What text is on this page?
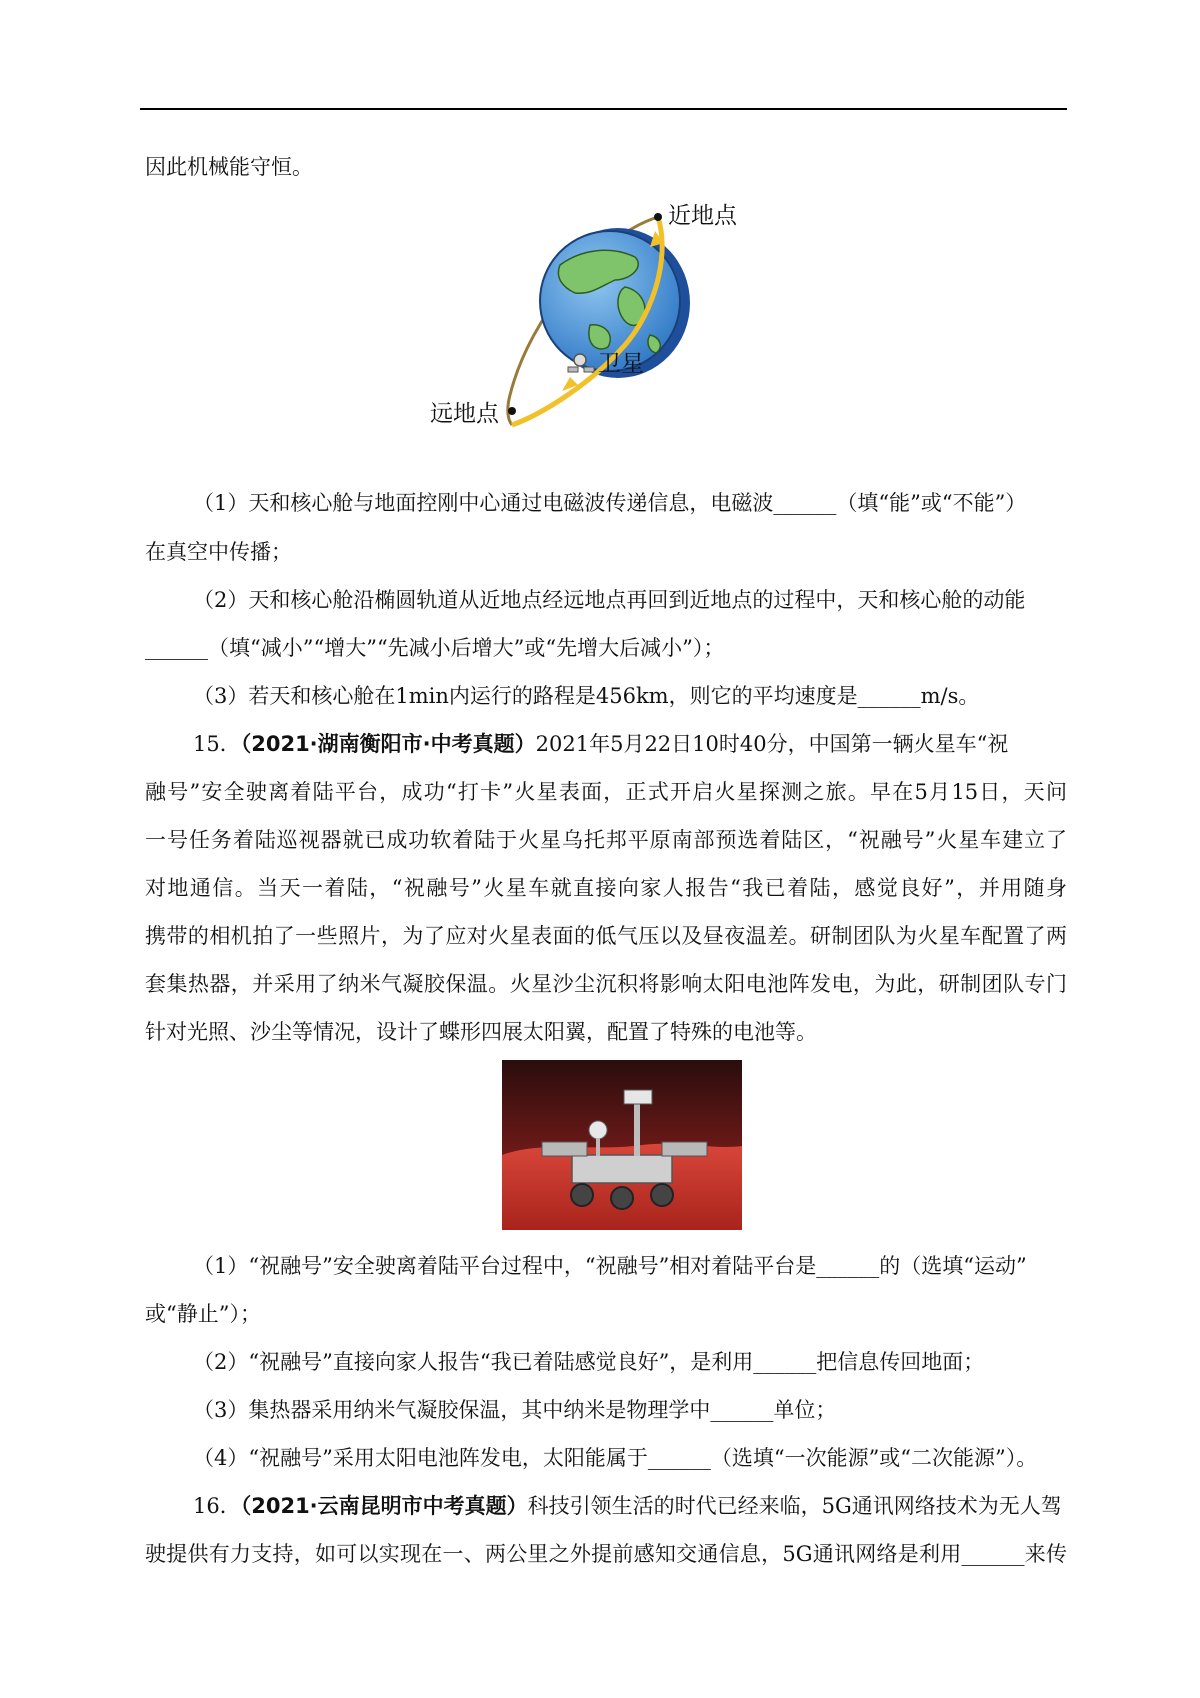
因此机械能守恒。
近地点
卫星
远地点
（1）天和核心舱与地面控刚中心通过电磁波传递信息，电磁波______（填“能”或“不能”）
在真空中传播；
（2）天和核心舱沿椭圆轨道从近地点经远地点再回到近地点的过程中，天和核心舱的动能
______（填“减小”“增大”“先减小后增大”或“先增大后减小”）；
（3）若天和核心舱在1min内运行的路程是456km，则它的平均速度是______m/s。
15．（2021·湖南衡阳市·中考真题）2021年5月22日10时40分，中国第一辆火星车“祝
融号”安全驶离着陆平台，成功“打卡”火星表面，正式开启火星探测之旅。早在5月15日，天问
一号任务着陆巡视器就已成功软着陆于火星乌托邦平原南部预选着陆区，“祝融号”火星车建立了
对地通信。当天一着陆，“祝融号”火星车就直接向家人报告“我已着陆，感觉良好”，并用随身
携带的相机拍了一些照片，为了应对火星表面的低气压以及昼夜温差。研制团队为火星车配置了两
套集热器，并采用了纳米气凝胶保温。火星沙尘沉积将影响太阳电池阵发电，为此，研制团队专门
针对光照、沙尘等情况，设计了蝶形四展太阳翼，配置了特殊的电池等。
（1）“祝融号”安全驶离着陆平台过程中，“祝融号”相对着陆平台是______的（选填“运动”
或“静止”）；
（2）“祝融号”直接向家人报告“我已着陆感觉良好”，是利用______把信息传回地面；
（3）集热器采用纳米气凝胶保温，其中纳米是物理学中______单位；
（4）“祝融号”采用太阳电池阵发电，太阳能属于______（选填“一次能源”或“二次能源”）。
16．（2021·云南昆明市中考真题）科技引领生活的时代已经来临，5G通讯网络技术为无人驾
驶提供有力支持，如可以实现在一、两公里之外提前感知交通信息，5G通讯网络是利用______来传
